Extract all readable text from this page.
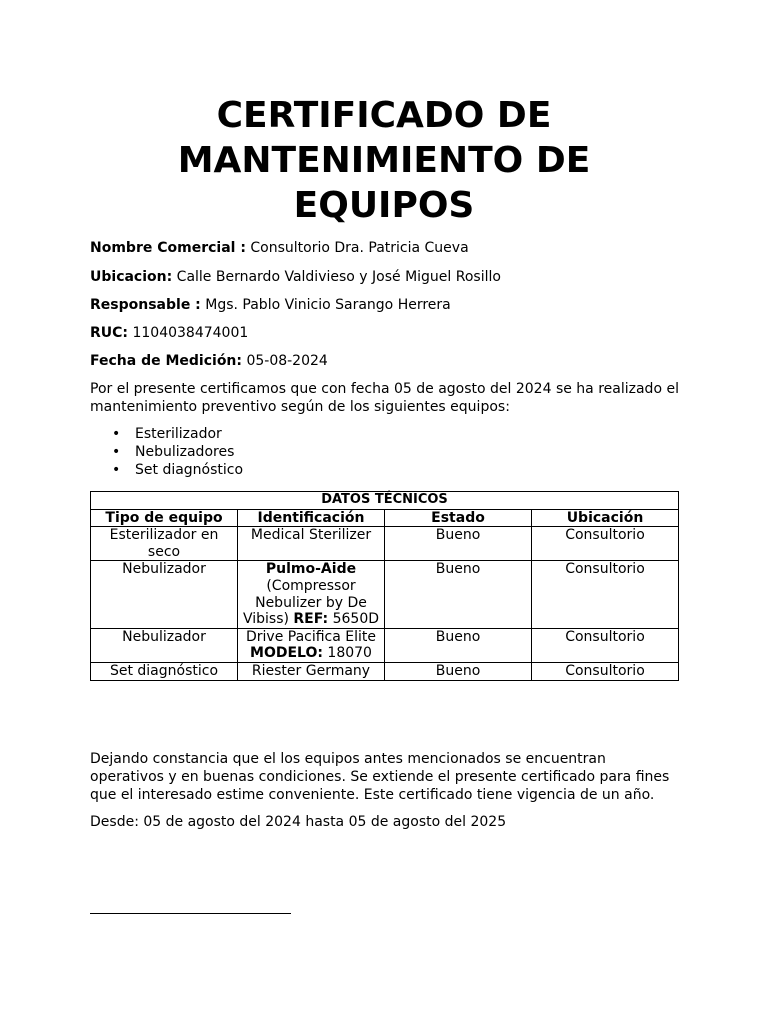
CERTIFICADO DE MANTENIMIENTO DE EQUIPOS
Nombre Comercial : Consultorio Dra. Patricia Cueva
Ubicacion: Calle Bernardo Valdivieso y José Miguel Rosillo
Responsable : Mgs. Pablo Vinicio Sarango Herrera
RUC: 1104038474001
Fecha de Medición: 05-08-2024

Por el presente certificamos que con fecha 05 de agosto del 2024 se ha realizado el mantenimiento preventivo según de los siguientes equipos:

• Esterilizador
• Nebulizadores
• Set diagnóstico
DATOS TÉCNICOS			
Tipo de equipo	Identificación	Estado	Ubicación
Esterilizador en seco	Medical Sterilizer	Bueno	Consultorio
Nebulizador	Pulmo-Aide (Compressor Nebulizer by De Vibiss) REF: 5650D	Bueno	Consultorio
Nebulizador	Drive Pacifica Elite MODELO: 18070	Bueno	Consultorio
Set diagnóstico	Riester Germany	Bueno	Consultorio

Dejando constancia que el los equipos antes mencionados se encuentran operativos y en buenas condiciones. Se extiende el presente certificado para fines que el interesado estime conveniente. Este certificado tiene vigencia de un año.

Desde: 05 de agosto del 2024 hasta 05 de agosto del 2025
